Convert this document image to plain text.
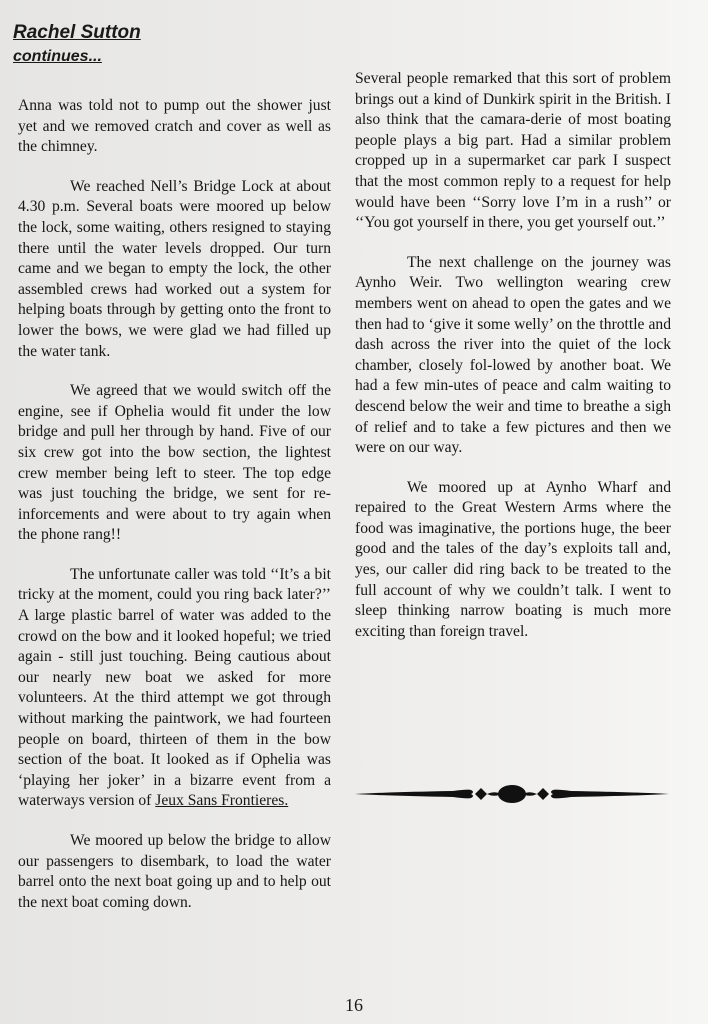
Rachel Sutton
continues...

Anna was told not to pump out the shower just yet and we removed cratch and cover as well as the chimney.

We reached Nell’s Bridge Lock at about 4.30 p.m. Several boats were moored up below the lock, some waiting, others resigned to staying there until the water levels dropped. Our turn came and we began to empty the lock, the other assembled crews had worked out a system for helping boats through by getting onto the front to lower the bows, we were glad we had filled up the water tank.

We agreed that we would switch off the engine, see if Ophelia would fit under the low bridge and pull her through by hand. Five of our six crew got into the bow section, the lightest crew member being left to steer. The top edge was just touching the bridge, we sent for re-inforcements and were about to try again when the phone rang!!

The unfortunate caller was told ‘‘It’s a bit tricky at the moment, could you ring back later?’’ A large plastic barrel of water was added to the crowd on the bow and it looked hopeful; we tried again - still just touching. Being cautious about our nearly new boat we asked for more volunteers. At the third attempt we got through without marking the paintwork, we had fourteen people on board, thirteen of them in the bow section of the boat. It looked as if Ophelia was ‘playing her joker’ in a bizarre event from a waterways version of Jeux Sans Frontieres.

We moored up below the bridge to allow our passengers to disembark, to load the water barrel onto the next boat going up and to help out the next boat coming down.

Several people remarked that this sort of problem brings out a kind of Dunkirk spirit in the British. I also think that the camara-derie of most boating people plays a big part. Had a similar problem cropped up in a supermarket car park I suspect that the most common reply to a request for help would have been ‘‘Sorry love I’m in a rush’’ or ‘‘You got yourself in there, you get yourself out.’’

The next challenge on the journey was Aynho Weir. Two wellington wearing crew members went on ahead to open the gates and we then had to ‘give it some welly’ on the throttle and dash across the river into the quiet of the lock chamber, closely fol-lowed by another boat. We had a few min-utes of peace and calm waiting to descend below the weir and time to breathe a sigh of relief and to take a few pictures and then we were on our way.

We moored up at Aynho Wharf and repaired to the Great Western Arms where the food was imaginative, the portions huge, the beer good and the tales of the day’s exploits tall and, yes, our caller did ring back to be treated to the full account of why we couldn’t talk. I went to sleep thinking narrow boating is much more exciting than foreign travel.

16
